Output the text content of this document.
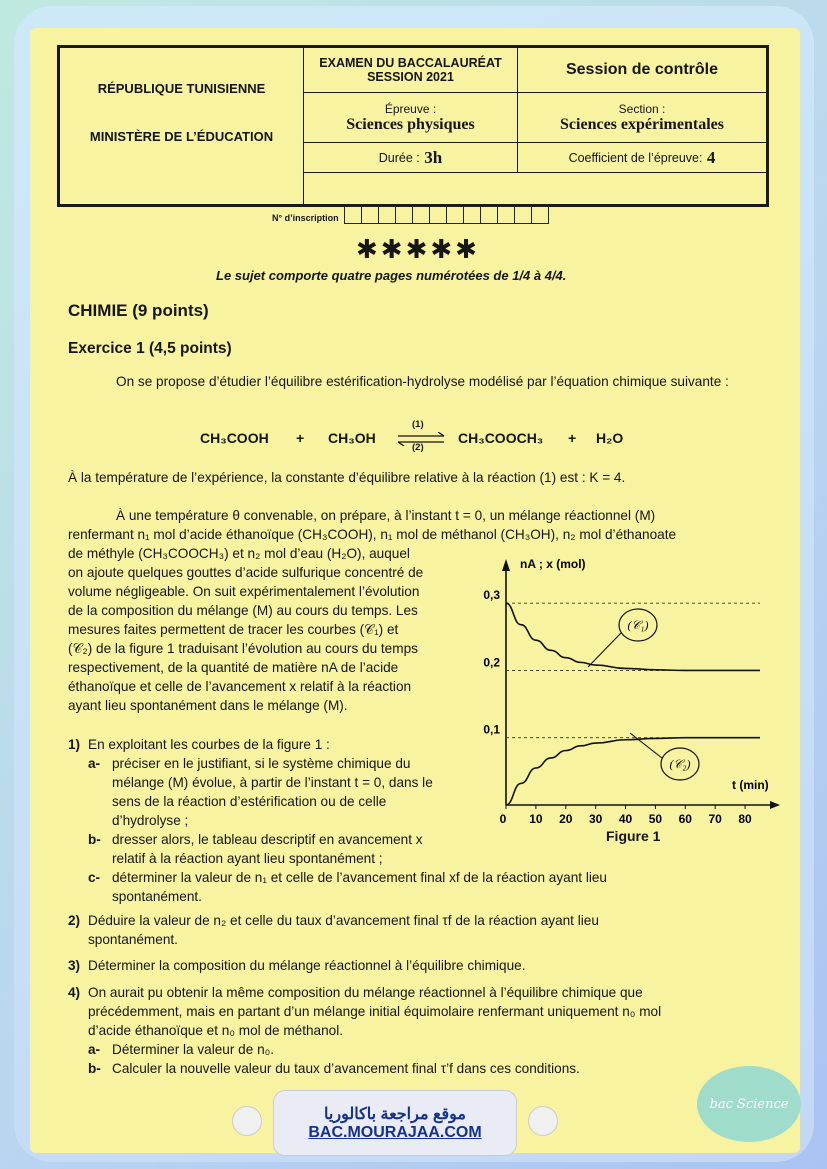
RÉPUBLIQUE TUNISIENNE
MINISTÈRE DE L’ÉDUCATION
EXAMEN DU BACCALAURÉAT
SESSION 2021	Session de contrôle
Épreuve :
Sciences physiques
Section :
Sciences expérimentales
Durée :
3h	Coefficient de l’épreuve:
4
N° d’inscription
✱✱✱✱✱
Le sujet comporte quatre pages numérotées de 1/4 à 4/4.
CHIMIE (9 points)
Exercice 1 (4,5 points)
On se propose d’étudier l’équilibre estérification-hydrolyse modélisé par l’équation chimique suivante :
CH₃COOH + CH₃OH
(1)
(2)
CH₃COOCH₃ + H₂O
À la température de l’expérience, la constante d’équilibre relative à la réaction (1) est : K = 4.
À une température θ convenable, on prépare, à l’instant t = 0, un mélange réactionnel (M)
renfermant n₁ mol d’acide éthanoïque (CH₃COOH), n₁ mol de méthanol (CH₃OH), n₂ mol d’éthanoate
de méthyle (CH₃COOCH₃) et n₂ mol d’eau (H₂O), auquel
on ajoute quelques gouttes d’acide sulfurique concentré de
volume négligeable. On suit expérimentalement l’évolution
de la composition du mélange (M) au cours du temps. Les
mesures faites permettent de tracer les courbes (𝒞₁) et
(𝒞₂) de la figure 1 traduisant l’évolution au cours du temps
respectivement, de la quantité de matière nA de l’acide
éthanoïque et celle de l’avancement x relatif à la réaction
ayant lieu spontanément dans le mélange (M).
1) En exploitant les courbes de la figure 1 :
a- préciser en le justifiant, si le système chimique du
mélange (M) évolue, à partir de l’instant t = 0, dans le
sens de la réaction d’estérification ou de celle
d’hydrolyse ;
b- dresser alors, le tableau descriptif en avancement x
relatif à la réaction ayant lieu spontanément ;
c- déterminer la valeur de n₁ et celle de l’avancement final xf de la réaction ayant lieu
spontanément.
2) Déduire la valeur de n₂ et celle du taux d’avancement final τf de la réaction ayant lieu
spontanément.
3) Déterminer la composition du mélange réactionnel à l’équilibre chimique.
4) On aurait pu obtenir la même composition du mélange réactionnel à l’équilibre chimique que
précédemment, mais en partant d’un mélange initial équimolaire renfermant uniquement n₀ mol
d’acide éthanoïque et n₀ mol de méthanol.
a- Déterminer la valeur de n₀.
b- Calculer la nouvelle valeur du taux d’avancement final τ’f dans ces conditions.
nA ; x (mol)
t (min)
0 10 20 30 40 50 60 70 80
0,1
0,2
0,3
(𝒞₁)
(𝒞₂)
Figure 1
موقع مراجعة باكالوريا
BAC.MOURAJAA.COM
bac Science
